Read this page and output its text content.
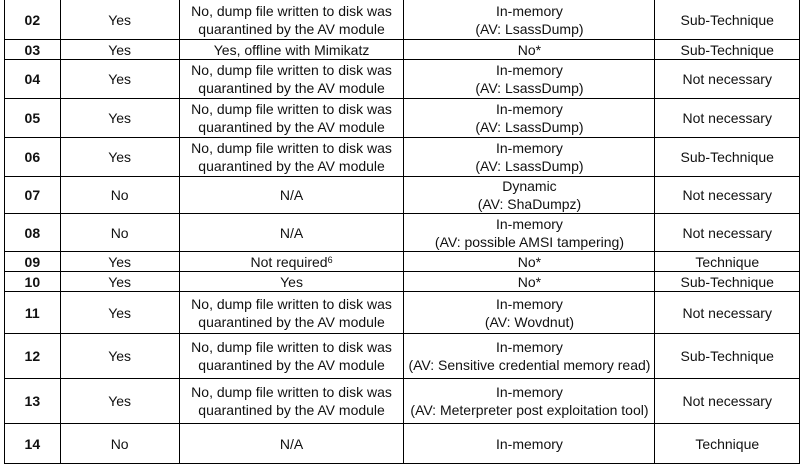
02	Yes	No, dump file written to disk was
quarantined by the AV module	In-memory
(AV: LsassDump)	Sub-Technique
03	Yes	Yes, offline with Mimikatz	No*	Sub-Technique
04	Yes	No, dump file written to disk was
quarantined by the AV module	In-memory
(AV: LsassDump)	Not necessary
05	Yes	No, dump file written to disk was
quarantined by the AV module	In-memory
(AV: LsassDump)	Not necessary
06	Yes	No, dump file written to disk was
quarantined by the AV module	In-memory
(AV: LsassDump)	Sub-Technique
07	No	N/A	Dynamic
(AV: ShaDumpz)	Not necessary
08	No	N/A	In-memory
(AV: possible AMSI tampering)	Not necessary
09	Yes	Not required$^6$	No*	Technique
10	Yes	Yes	No*	Sub-Technique
11	Yes	No, dump file written to disk was
quarantined by the AV module	In-memory
(AV: Wovdnut)	Not necessary
12	Yes	No, dump file written to disk was
quarantined by the AV module	In-memory
(AV: Sensitive credential memory read)	Sub-Technique
13	Yes	No, dump file written to disk was
quarantined by the AV module	In-memory
(AV: Meterpreter post exploitation tool)	Not necessary
14	No	N/A	In-memory	Technique
